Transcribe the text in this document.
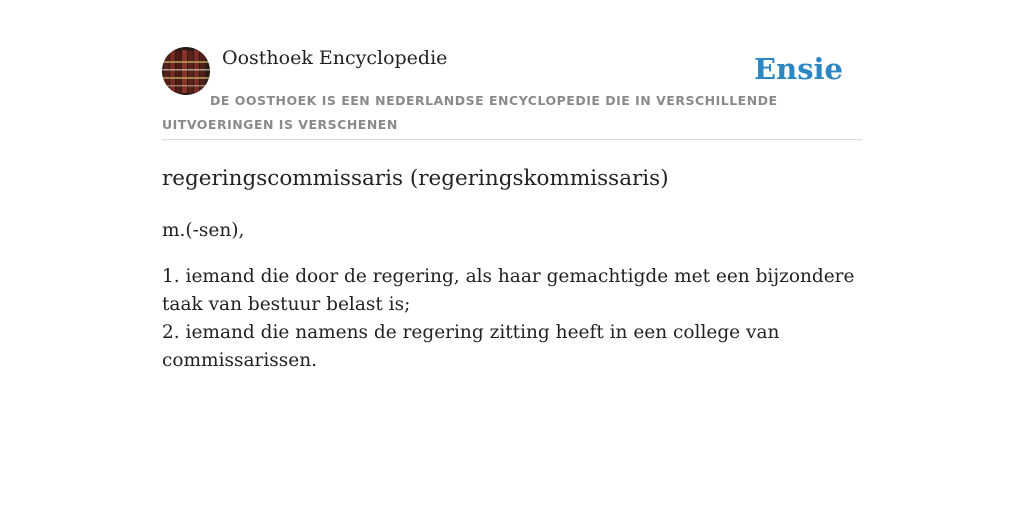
Oosthoek Encyclopedie	Ensie
DE OOSTHOEK IS EEN NEDERLANDSE ENCYCLOPEDIE DIE IN VERSCHILLENDE UITVOERINGEN IS VERSCHENEN
regeringscommissaris (regeringskommissaris)
m.(-sen),
1. iemand die door de regering, als haar gemachtigde met een bijzondere taak van bestuur belast is;
2. iemand die namens de regering zitting heeft in een college van commissarissen.
